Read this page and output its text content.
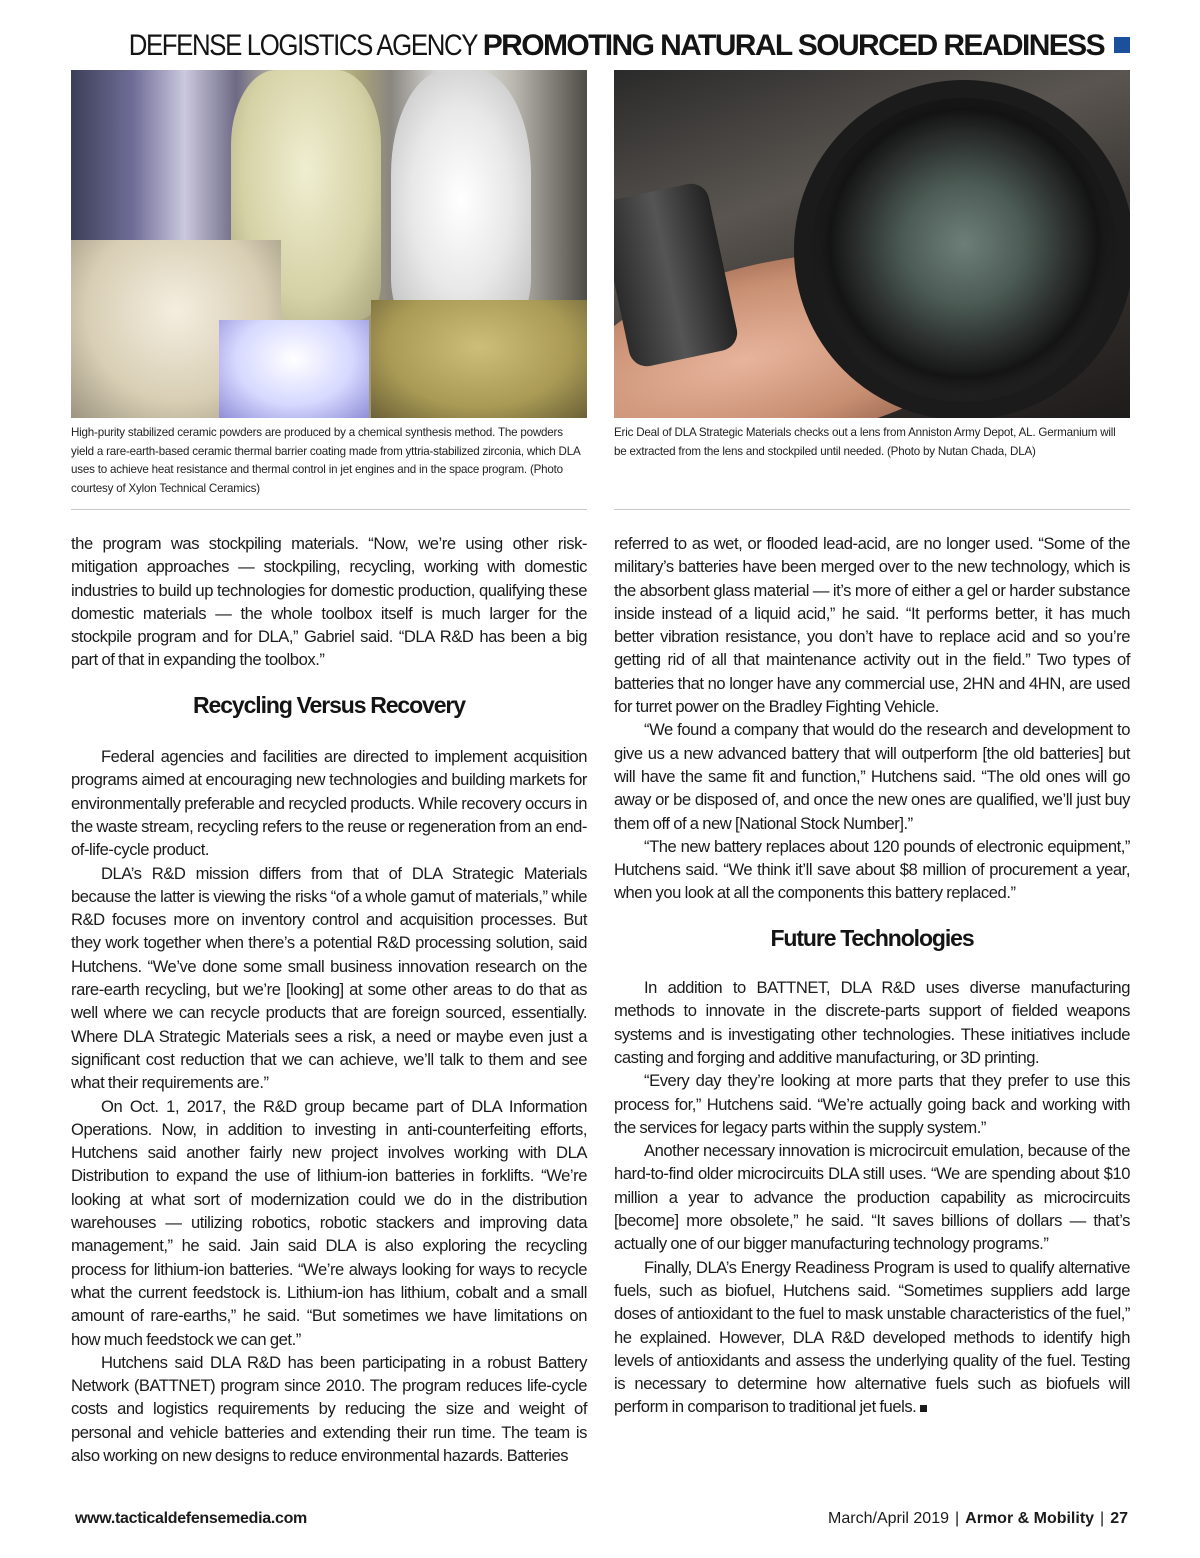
DEFENSE LOGISTICS AGENCY PROMOTING NATURAL SOURCED READINESS
High-purity stabilized ceramic powders are produced by a chemical synthesis method. The powders yield a rare-earth-based ceramic thermal barrier coating made from yttria-stabilized zirconia, which DLA uses to achieve heat resistance and thermal control in jet engines and in the space program. (Photo courtesy of Xylon Technical Ceramics)
Eric Deal of DLA Strategic Materials checks out a lens from Anniston Army Depot, AL. Germanium will be extracted from the lens and stockpiled until needed. (Photo by Nutan Chada, DLA)

the program was stockpiling materials. “Now, we’re using other risk-mitigation approaches — stockpiling, recycling, working with domestic industries to build up technologies for domestic production, qualifying these domestic materials — the whole toolbox itself is much larger for the stockpile program and for DLA,” Gabriel said. “DLA R&D has been a big part of that in expanding the toolbox.”

Recycling Versus Recovery

Federal agencies and facilities are directed to implement acquisition programs aimed at encouraging new technologies and building markets for environmentally preferable and recycled products. While recovery occurs in the waste stream, recycling refers to the reuse or regeneration from an end-of-life-cycle product.

DLA’s R&D mission differs from that of DLA Strategic Materials because the latter is viewing the risks “of a whole gamut of materials,” while R&D focuses more on inventory control and acquisition processes. But they work together when there’s a potential R&D processing solution, said Hutchens. “We’ve done some small business innovation research on the rare-earth recycling, but we’re [looking] at some other areas to do that as well where we can recycle products that are foreign sourced, essentially. Where DLA Strategic Materials sees a risk, a need or maybe even just a significant cost reduction that we can achieve, we’ll talk to them and see what their requirements are.”

On Oct. 1, 2017, the R&D group became part of DLA Information Operations. Now, in addition to investing in anti-counterfeiting efforts, Hutchens said another fairly new project involves working with DLA Distribution to expand the use of lithium-ion batteries in forklifts. “We’re looking at what sort of modernization could we do in the distribution warehouses — utilizing robotics, robotic stackers and improving data management,” he said. Jain said DLA is also exploring the recycling process for lithium-ion batteries. “We’re always looking for ways to recycle what the current feedstock is. Lithium-ion has lithium, cobalt and a small amount of rare-earths,” he said. “But sometimes we have limitations on how much feedstock we can get.”

Hutchens said DLA R&D has been participating in a robust Battery Network (BATTNET) program since 2010. The program reduces life-cycle costs and logistics requirements by reducing the size and weight of personal and vehicle batteries and extending their run time. The team is also working on new designs to reduce environmental hazards. Batteries

referred to as wet, or flooded lead-acid, are no longer used. “Some of the military’s batteries have been merged over to the new technology, which is the absorbent glass material — it’s more of either a gel or harder substance inside instead of a liquid acid,” he said. “It performs better, it has much better vibration resistance, you don’t have to replace acid and so you’re getting rid of all that maintenance activity out in the field.” Two types of batteries that no longer have any commercial use, 2HN and 4HN, are used for turret power on the Bradley Fighting Vehicle.

“We found a company that would do the research and development to give us a new advanced battery that will outperform [the old batteries] but will have the same fit and function,” Hutchens said. “The old ones will go away or be disposed of, and once the new ones are qualified, we’ll just buy them off of a new [National Stock Number].”

“The new battery replaces about 120 pounds of electronic equipment,” Hutchens said. “We think it’ll save about $8 million of procurement a year, when you look at all the components this battery replaced.”

Future Technologies

In addition to BATTNET, DLA R&D uses diverse manufacturing methods to innovate in the discrete-parts support of fielded weapons systems and is investigating other technologies. These initiatives include casting and forging and additive manufacturing, or 3D printing.

“Every day they’re looking at more parts that they prefer to use this process for,” Hutchens said. “We’re actually going back and working with the services for legacy parts within the supply system.”

Another necessary innovation is microcircuit emulation, because of the hard-to-find older microcircuits DLA still uses. “We are spending about $10 million a year to advance the production capability as microcircuits [become] more obsolete,” he said. “It saves billions of dollars — that’s actually one of our bigger manufacturing technology programs.”

Finally, DLA’s Energy Readiness Program is used to qualify alternative fuels, such as biofuel, Hutchens said. “Sometimes suppliers add large doses of antioxidant to the fuel to mask unstable characteristics of the fuel,” he explained. However, DLA R&D developed methods to identify high levels of antioxidants and assess the underlying quality of the fuel. Testing is necessary to determine how alternative fuels such as biofuels will perform in comparison to traditional jet fuels.

www.tacticaldefensemedia.com	March/April 2019 | Armor & Mobility | 27
